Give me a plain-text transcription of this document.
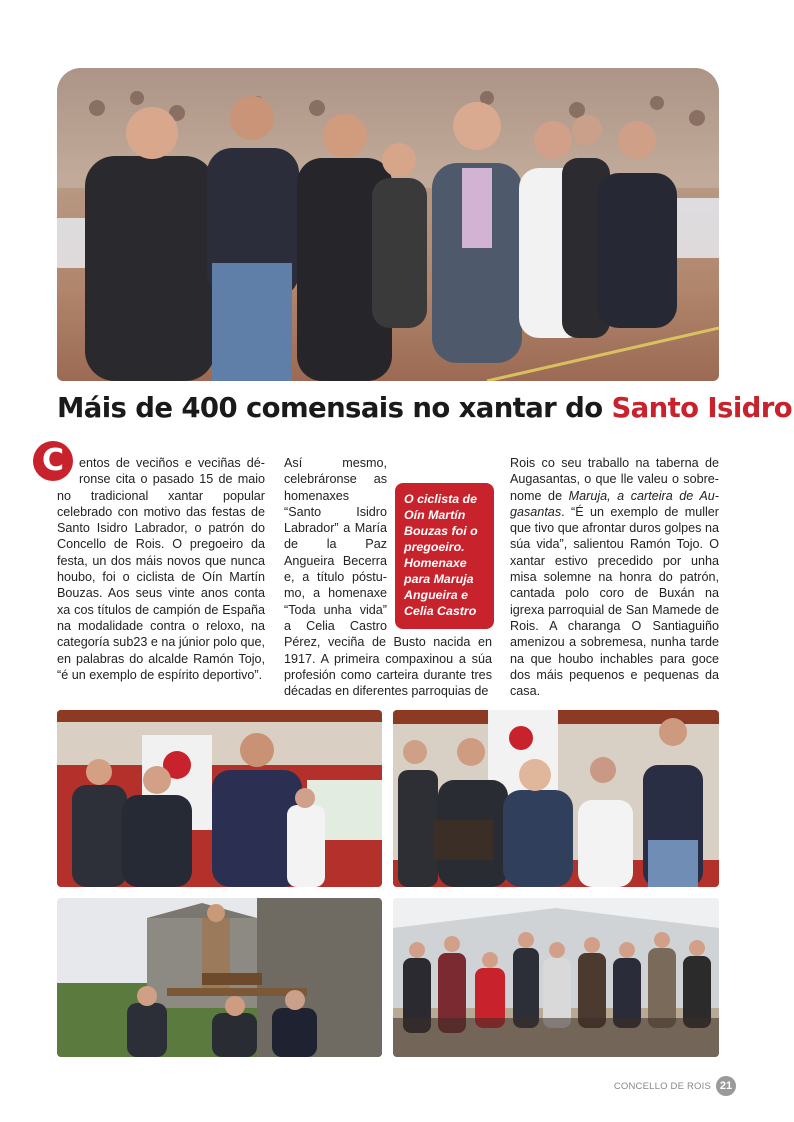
Máis de 400 comensais no xantar do Santo Isidro

C	entos de veciños e veciñas déronse cita o pasado 15 de maio no tradicional xantar popular celebrado con motivo das festas de Santo Isidro Labrador, o patrón do Concello de Rois. O pregoeiro da festa, un dos máis novos que nunca houbo, foi o ciclista de Oín Martín Bouzas. Aos seus vinte anos conta xa cos títulos de campión de España na modalidade contra o reloxo, na categoría sub23 e na júnior polo que, en palabras do alcalde Ramón Tojo, “é un exemplo de espírito deportivo”.

O ciclista de Oín Martín Bouzas foi o pregoeiro. Homenaxe para Maruja Angueira e Celia Castro
Así mesmo, celebráronse as homenaxes “Santo Isidro Labrador” a María de la Paz Angueira Becerra e, a título póstumo, a homenaxe “Toda unha vida” a Celia Castro Pérez, veciña de Busto nacida en 1917. A primeira compaxinou a súa profesión como carteira durante tres décadas en diferentes parroquias de

Rois co seu traballo na taberna de Augasantas, o que lle valeu o sobrenome de Maruja, a carteira de Augasantas. “É un exemplo de muller que tivo que afrontar duros golpes na súa vida”, salientou Ramón Tojo. O xantar estivo precedido por unha misa solemne na honra do patrón, cantada polo coro de Buxán na igrexa parroquial de San Mamede de Rois. A charanga O Santiaguiño amenizou a sobremesa, nunha tarde na que houbo inchables para goce dos máis pequenos e pequenas da casa.

CONCELLO DE ROIS 21
